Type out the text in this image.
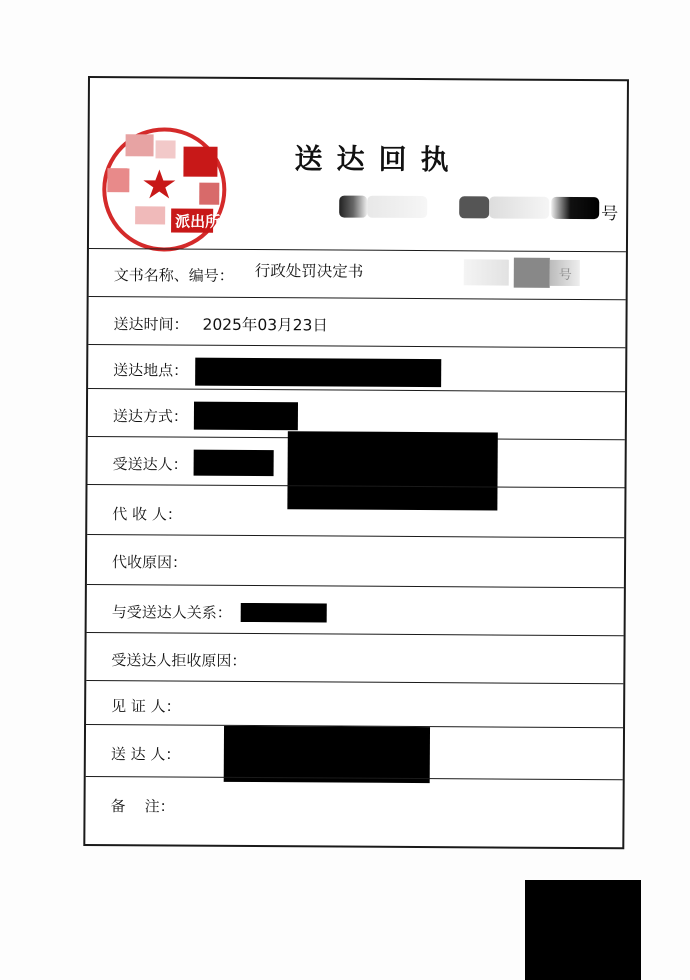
派出所
送达回执
号
文书名称、编号： 行政处罚决定书	号
送达时间： 2025年03月23日
送达地点：
送达方式：
受送达人：
代 收 人：
代收原因：
与受送达人关系：
受送达人拒收原因：
见 证 人：
送 达 人：
备    注：
